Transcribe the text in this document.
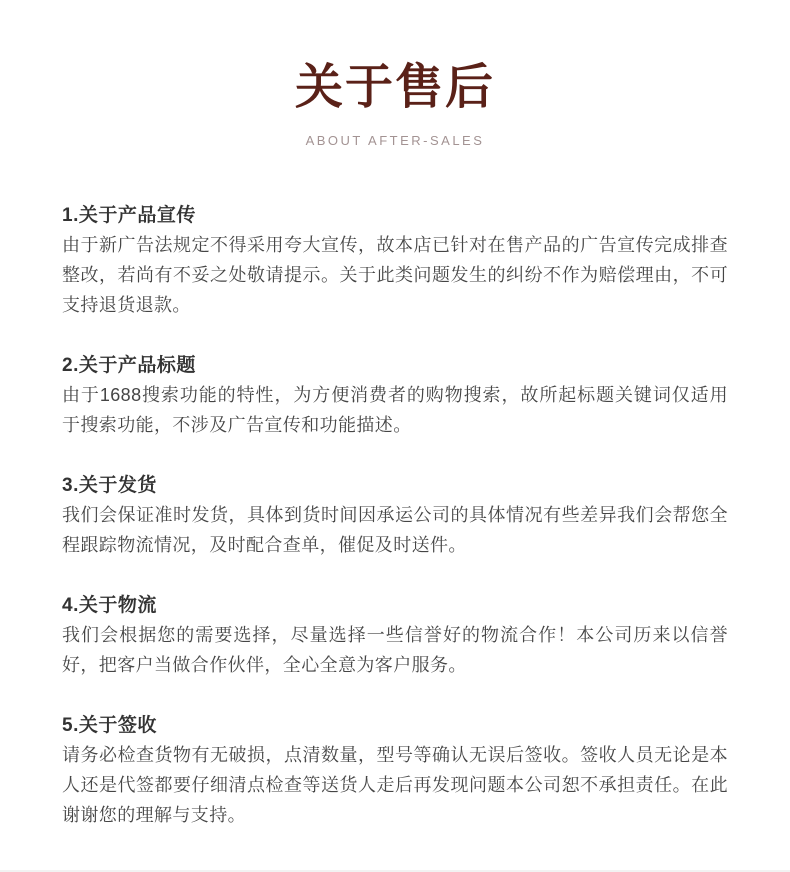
关于售后
ABOUT AFTER-SALES
1.关于产品宣传

由于新广告法规定不得采用夸大宣传，故本店已针对在售产品的广告宣传完成排查整改，若尚有不妥之处敬请提示。关于此类问题发生的纠纷不作为赔偿理由，不可支持退货退款。

2.关于产品标题

由于1688搜索功能的特性，为方便消费者的购物搜索，故所起标题关键词仅适用于搜索功能，不涉及广告宣传和功能描述。

3.关于发货

我们会保证准时发货，具体到货时间因承运公司的具体情况有些差异我们会帮您全程跟踪物流情况，及时配合查单，催促及时送件。

4.关于物流

我们会根据您的需要选择，尽量选择一些信誉好的物流合作！本公司历来以信誉好，把客户当做合作伙伴，全心全意为客户服务。

5.关于签收

请务必检查货物有无破损，点清数量，型号等确认无误后签收。签收人员无论是本人还是代签都要仔细清点检查等送货人走后再发现问题本公司恕不承担责任。在此谢谢您的理解与支持。
